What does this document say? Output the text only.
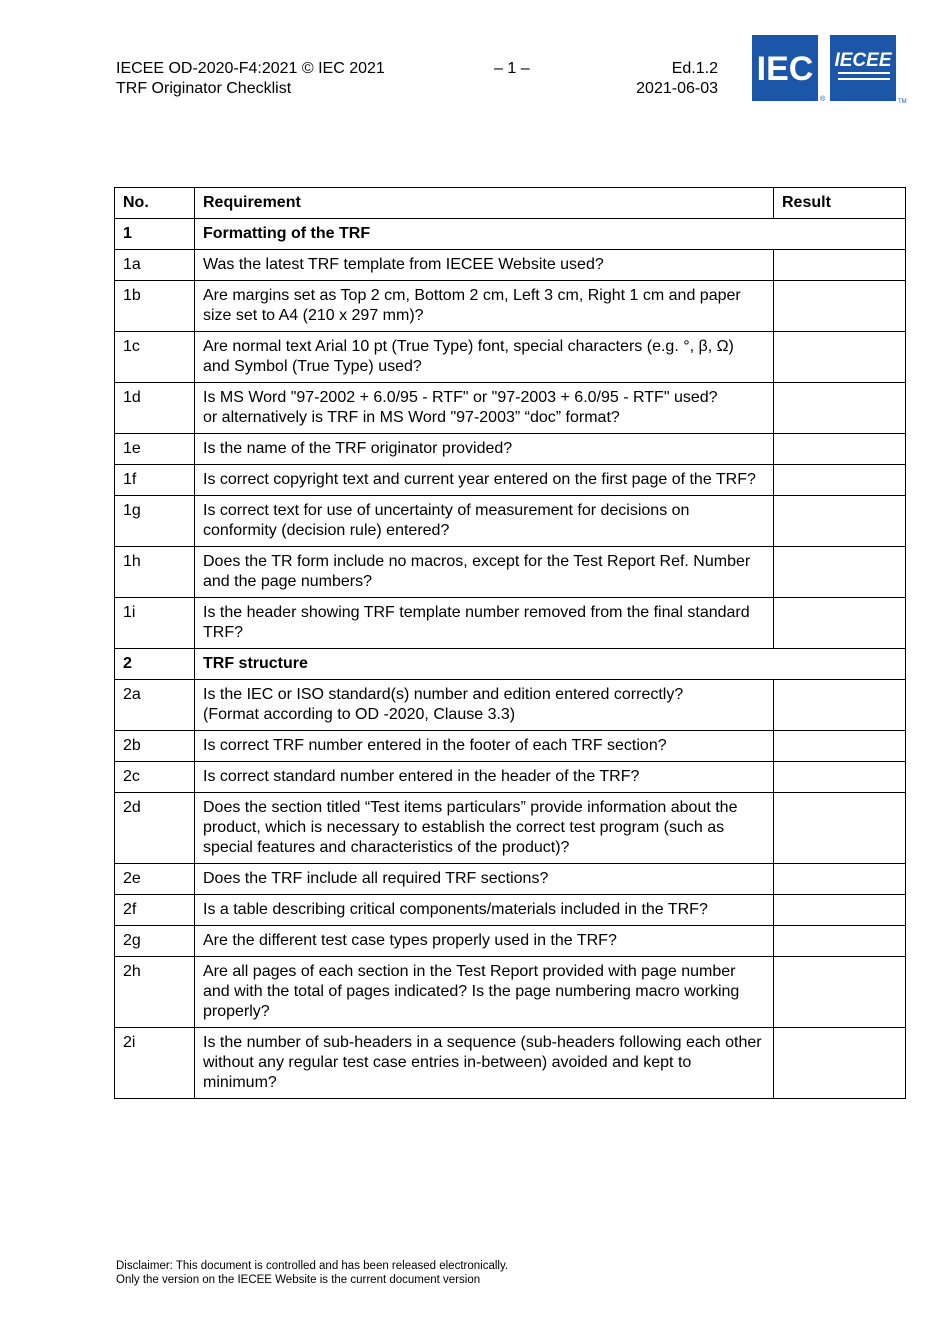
IECEE OD-2020-F4:2021 © IEC 2021
TRF Originator Checklist
– 1 –	Ed.1.2
2021-06-03
IEC
®
IECEE
TM
No.	Requirement	Result
1	Formatting of the TRF	
1a	Was the latest TRF template from IECEE Website used?	
1b	Are margins set as Top 2 cm, Bottom 2 cm, Left 3 cm, Right 1 cm and paper size set to A4 (210 x 297 mm)?	
1c	Are normal text Arial 10 pt (True Type) font, special characters (e.g. °, β, Ω) and Symbol (True Type) used?	
1d	Is MS Word "97-2002 + 6.0/95 - RTF" or "97-2003 + 6.0/95 - RTF" used?
or alternatively is TRF in MS Word "97-2003” “doc” format?	
1e	Is the name of the TRF originator provided?	
1f	Is correct copyright text and current year entered on the first page of the TRF?	
1g	Is correct text for use of uncertainty of measurement for decisions on conformity (decision rule) entered?	
1h	Does the TR form include no macros, except for the Test Report Ref. Number and the page numbers?	
1i	Is the header showing TRF template number removed from the final standard TRF?	
2	TRF structure	
2a	Is the IEC or ISO standard(s) number and edition entered correctly?
(Format according to OD -2020, Clause 3.3)	
2b	Is correct TRF number entered in the footer of each TRF section?	
2c	Is correct standard number entered in the header of the TRF?	
2d	Does the section titled “Test items particulars” provide information about the product, which is necessary to establish the correct test program (such as special features and characteristics of the product)?	
2e	Does the TRF include all required TRF sections?	
2f	Is a table describing critical components/materials included in the TRF?	
2g	Are the different test case types properly used in the TRF?	
2h	Are all pages of each section in the Test Report provided with page number and with the total of pages indicated? Is the page numbering macro working properly?	
2i	Is the number of sub-headers in a sequence (sub-headers following each other without any regular test case entries in-between) avoided and kept to minimum?	
Disclaimer: This document is controlled and has been released electronically.
Only the version on the IECEE Website is the current document version
